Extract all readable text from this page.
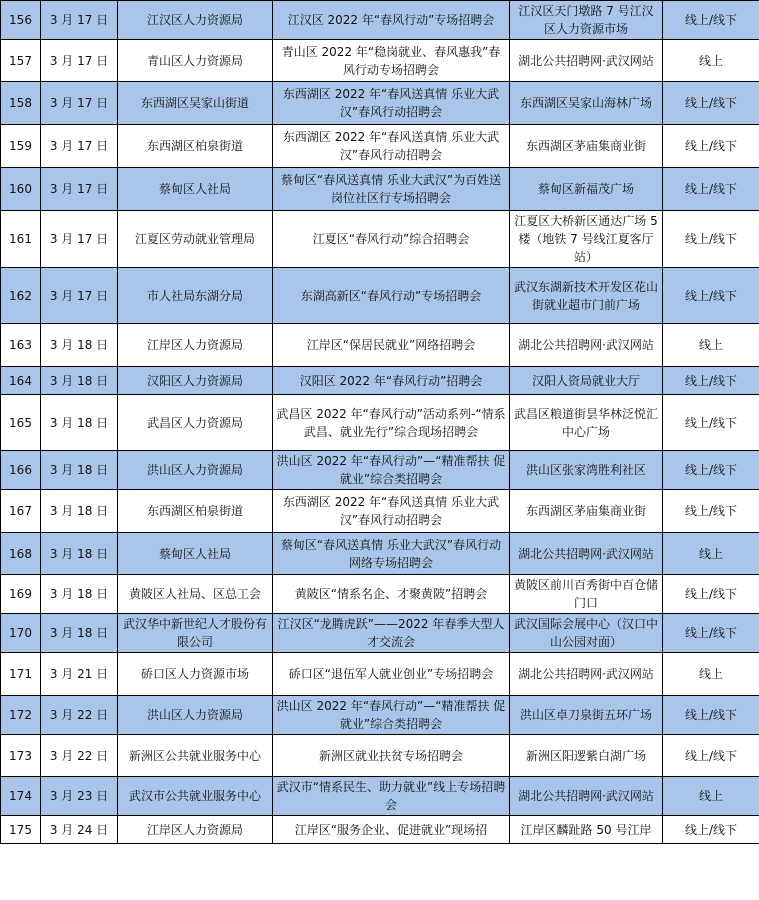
156	3 月 17 日	江汉区人力资源局	江汉区 2022 年“春风行动”专场招聘会	江汉区天门墩路 7 号江汉区人力资源市场	线上/线下
157	3 月 17 日	青山区人力资源局	青山区 2022 年“稳岗就业、春风惠我”春风行动专场招聘会	湖北公共招聘网·武汉网站	线上
158	3 月 17 日	东西湖区吴家山街道	东西湖区 2022 年“春风送真情 乐业大武汉”春风行动招聘会	东西湖区吴家山海林广场	线上/线下
159	3 月 17 日	东西湖区柏泉街道	东西湖区 2022 年“春风送真情 乐业大武汉”春风行动招聘会	东西湖区茅庙集商业街	线上/线下
160	3 月 17 日	蔡甸区人社局	蔡甸区“春风送真情 乐业大武汉”为百姓送岗位社区行专场招聘会	蔡甸区新福茂广场	线上/线下
161	3 月 17 日	江夏区劳动就业管理局	江夏区“春风行动”综合招聘会	江夏区大桥新区通达广场 5 楼（地铁 7 号线江夏客厅站）	线上/线下
162	3 月 17 日	市人社局东湖分局	东湖高新区“春风行动”专场招聘会	武汉东湖新技术开发区花山街就业超市门前广场	线上/线下
163	3 月 18 日	江岸区人力资源局	江岸区“保居民就业”网络招聘会	湖北公共招聘网·武汉网站	线上
164	3 月 18 日	汉阳区人力资源局	汉阳区 2022 年“春风行动”招聘会	汉阳人资局就业大厅	线上/线下
165	3 月 18 日	武昌区人力资源局	武昌区 2022 年“春风行动”活动系列-“情系武昌、就业先行”综合现场招聘会	武昌区粮道街昙华林泛悦汇中心广场	线上/线下
166	3 月 18 日	洪山区人力资源局	洪山区 2022 年“春风行动”—“精准帮扶 促就业”综合类招聘会	洪山区张家湾胜利社区	线上/线下
167	3 月 18 日	东西湖区柏泉街道	东西湖区 2022 年“春风送真情 乐业大武汉”春风行动招聘会	东西湖区茅庙集商业街	线上/线下
168	3 月 18 日	蔡甸区人社局	蔡甸区“春风送真情 乐业大武汉”春风行动网络专场招聘会	湖北公共招聘网·武汉网站	线上
169	3 月 18 日	黄陂区人社局、区总工会	黄陂区“情系名企、才聚黄陂”招聘会	黄陂区前川百秀街中百仓储门口	线上/线下
170	3 月 18 日	武汉华中新世纪人才股份有限公司	江汉区“龙腾虎跃”——2022 年春季大型人才交流会	武汉国际会展中心（汉口中山公园对面）	线上/线下
171	3 月 21 日	硚口区人力资源市场	硚口区“退伍军人就业创业”专场招聘会	湖北公共招聘网·武汉网站	线上
172	3 月 22 日	洪山区人力资源局	洪山区 2022 年“春风行动”—“精准帮扶 促就业”综合类招聘会	洪山区卓刀泉街五环广场	线上/线下
173	3 月 22 日	新洲区公共就业服务中心	新洲区就业扶贫专场招聘会	新洲区阳逻紫白湖广场	线上/线下
174	3 月 23 日	武汉市公共就业服务中心	武汉市“情系民生、助力就业”线上专场招聘会	湖北公共招聘网·武汉网站	线上
175	3 月 24 日	江岸区人力资源局	江岸区“服务企业、促进就业”现场招	江岸区麟趾路 50 号江岸	线上/线下
